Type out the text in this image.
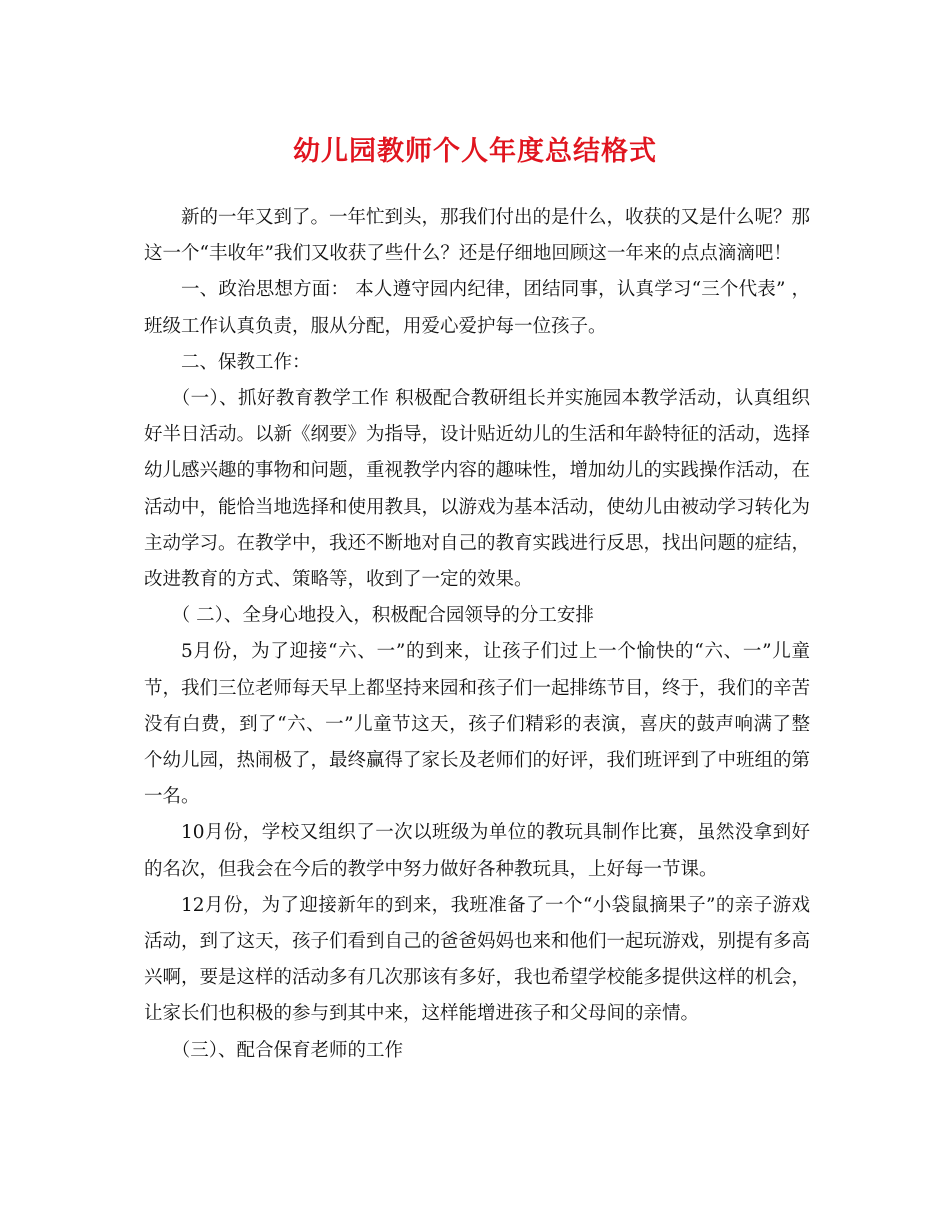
幼儿园教师个人年度总结格式

新的一年又到了。一年忙到头，那我们付出的是什么，收获的又是什么呢？那这一个“丰收年”我们又收获了些什么？还是仔细地回顾这一年来的点点滴滴吧！

一、政治思想方面： 本人遵守园内纪律，团结同事，认真学习“三个代表” ，班级工作认真负责，服从分配，用爱心爱护每一位孩子。

二、保教工作：

（一）、抓好教育教学工作 积极配合教研组长并实施园本教学活动，认真组织好半日活动。以新《纲要》为指导，设计贴近幼儿的生活和年龄特征的活动，选择幼儿感兴趣的事物和问题，重视教学内容的趣味性，增加幼儿的实践操作活动，在活动中，能恰当地选择和使用教具，以游戏为基本活动，使幼儿由被动学习转化为主动学习。在教学中，我还不断地对自己的教育实践进行反思，找出问题的症结，改进教育的方式、策略等，收到了一定的效果。

（ 二）、全身心地投入，积极配合园领导的分工安排

5月份，为了迎接“六、一”的到来，让孩子们过上一个愉快的“六、一”儿童节，我们三位老师每天早上都坚持来园和孩子们一起排练节目，终于，我们的辛苦没有白费，到了“六、一”儿童节这天，孩子们精彩的表演，喜庆的鼓声响满了整个幼儿园，热闹极了，最终赢得了家长及老师们的好评，我们班评到了中班组的第一名。

10月份，学校又组织了一次以班级为单位的教玩具制作比赛，虽然没拿到好的名次，但我会在今后的教学中努力做好各种教玩具，上好每一节课。

12月份，为了迎接新年的到来，我班准备了一个“小袋鼠摘果子”的亲子游戏活动，到了这天，孩子们看到自己的爸爸妈妈也来和他们一起玩游戏，别提有多高兴啊，要是这样的活动多有几次那该有多好，我也希望学校能多提供这样的机会，让家长们也积极的参与到其中来，这样能增进孩子和父母间的亲情。

（三）、配合保育老师的工作
